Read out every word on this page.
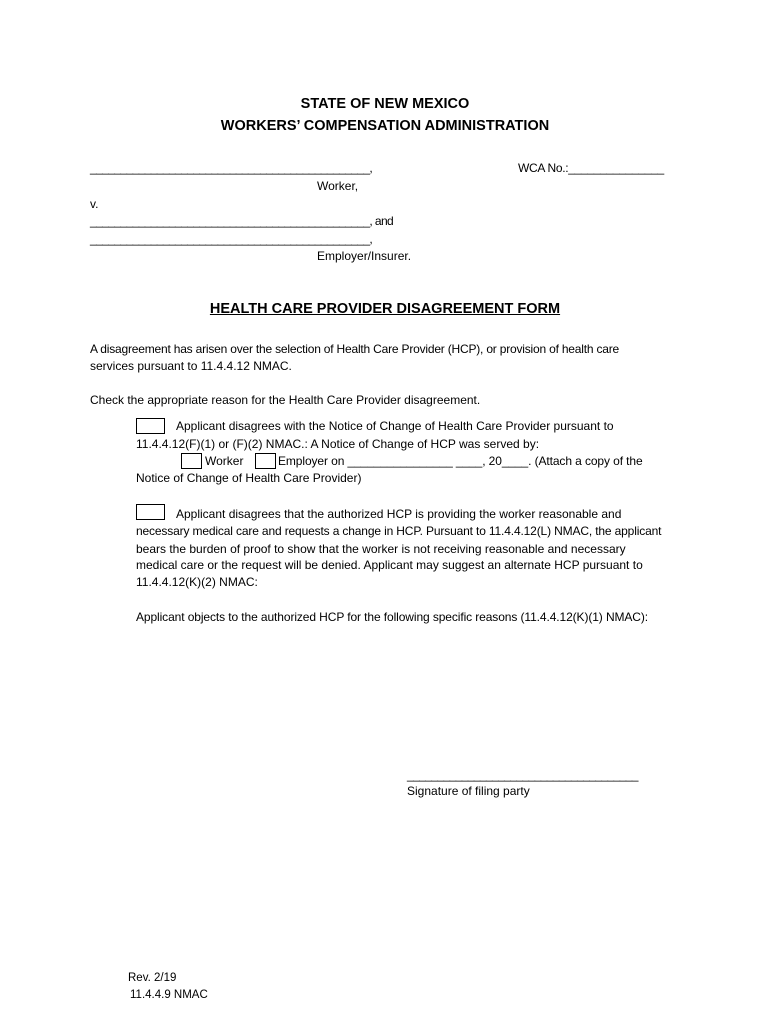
STATE OF NEW MEXICO
WORKERS’ COMPENSATION ADMINISTRATION
______________________________________________,	WCA No.:_______________
Worker,
v.
______________________________________________, and
______________________________________________,
Employer/Insurer.
HEALTH CARE PROVIDER DISAGREEMENT FORM
A disagreement has arisen over the selection of Health Care Provider (HCP), or provision of health care
services pursuant to 11.4.4.12 NMAC.
Check the appropriate reason for the Health Care Provider disagreement.
Applicant disagrees with the Notice of Change of Health Care Provider pursuant to
11.4.4.12(F)(1) or (F)(2) NMAC.: A Notice of Change of HCP was served by:
Worker	Employer on ________________ ____, 20____. (Attach a copy of the
Notice of Change of Health Care Provider)
Applicant disagrees that the authorized HCP is providing the worker reasonable and
necessary medical care and requests a change in HCP. Pursuant to 11.4.4.12(L) NMAC, the applicant
bears the burden of proof to show that the worker is not receiving reasonable and necessary
medical care or the request will be denied. Applicant may suggest an alternate HCP pursuant to
11.4.4.12(K)(2) NMAC:
Applicant objects to the authorized HCP for the following specific reasons (11.4.4.12(K)(1) NMAC):
______________________________________
Signature of filing party
Rev. 2/19
11.4.4.9 NMAC
